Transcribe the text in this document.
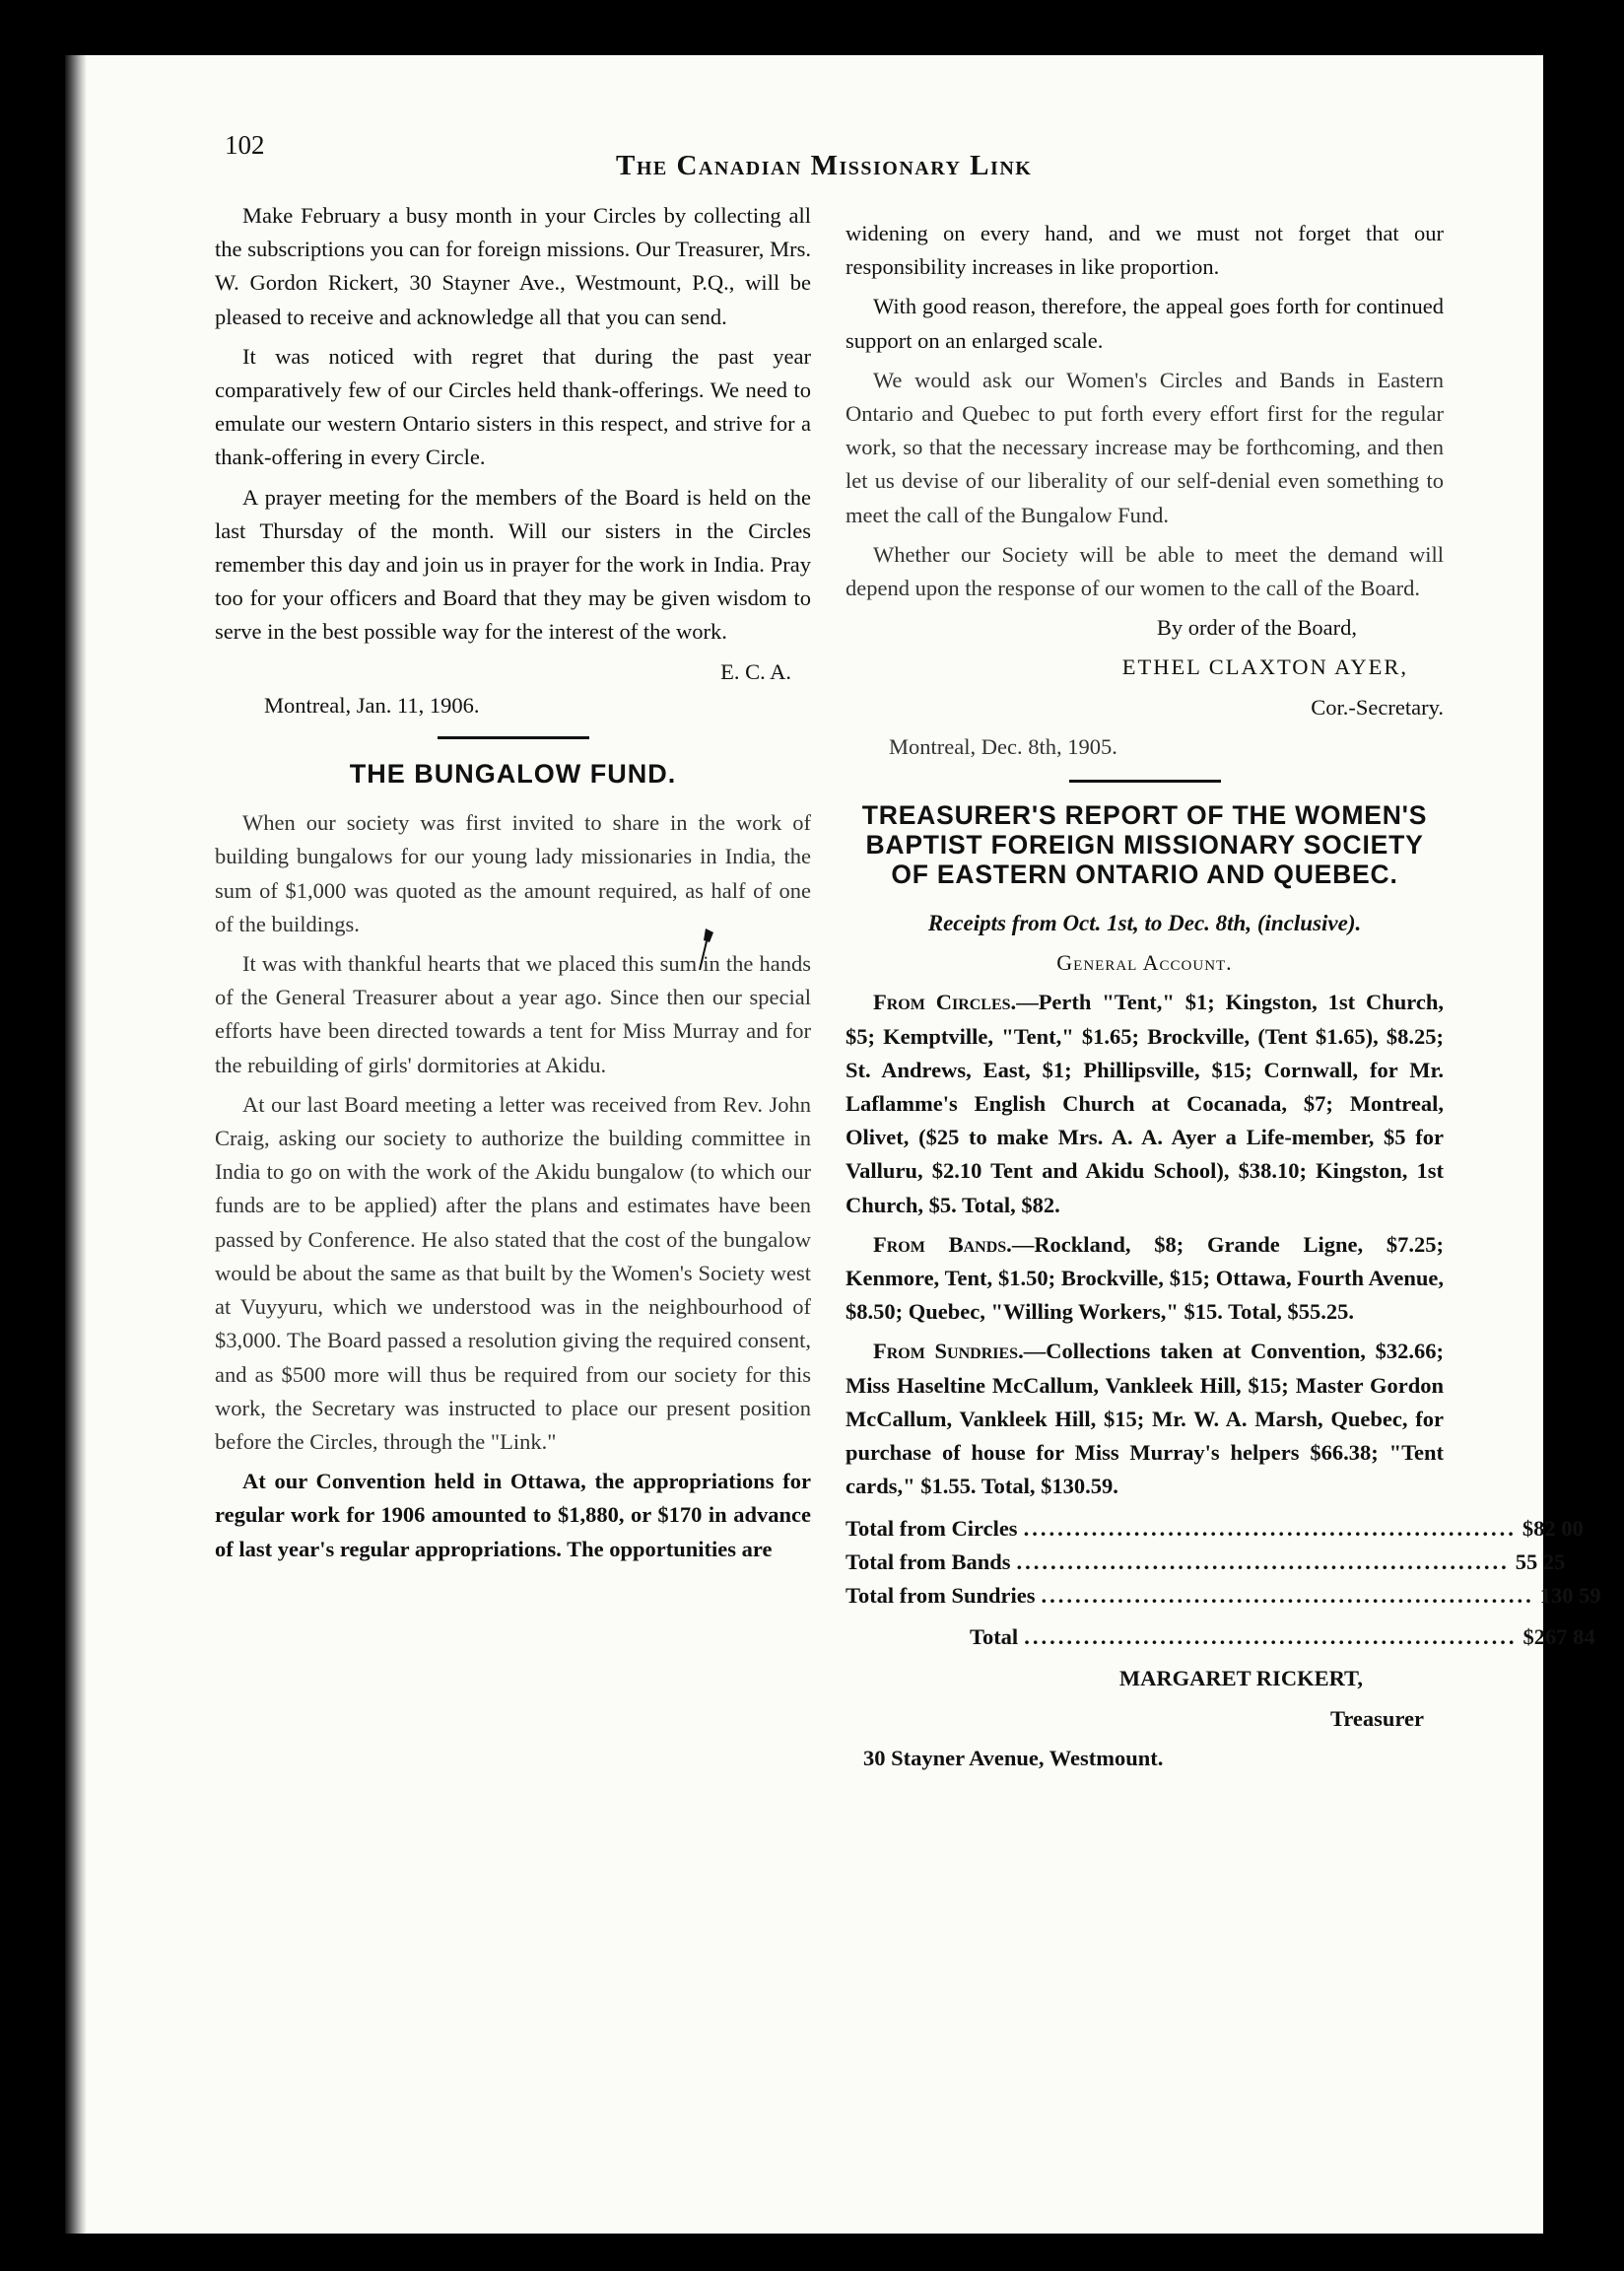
102
The Canadian Missionary Link

Make February a busy month in your Circles by collecting all the subscriptions you can for foreign missions. Our Treasurer, Mrs. W. Gordon Rickert, 30 Stayner Ave., Westmount, P.Q., will be pleased to receive and acknowledge all that you can send.

It was noticed with regret that during the past year comparatively few of our Circles held thank-offerings. We need to emulate our western Ontario sisters in this respect, and strive for a thank-offering in every Circle.

A prayer meeting for the members of the Board is held on the last Thursday of the month. Will our sisters in the Circles remember this day and join us in prayer for the work in India. Pray too for your officers and Board that they may be given wisdom to serve in the best possible way for the interest of the work.

E. C. A.

Montreal, Jan. 11, 1906.

THE BUNGALOW FUND.

When our society was first invited to share in the work of building bungalows for our young lady missionaries in India, the sum of $1,000 was quoted as the amount required, as half of one of the buildings.

It was with thankful hearts that we placed this sum in the hands of the General Treasurer about a year ago. Since then our special efforts have been directed towards a tent for Miss Murray and for the rebuilding of girls' dormitories at Akidu.

At our last Board meeting a letter was received from Rev. John Craig, asking our society to authorize the building committee in India to go on with the work of the Akidu bungalow (to which our funds are to be applied) after the plans and estimates have been passed by Conference. He also stated that the cost of the bungalow would be about the same as that built by the Women's Society west at Vuyyuru, which we understood was in the neighbourhood of $3,000. The Board passed a resolution giving the required consent, and as $500 more will thus be required from our society for this work, the Secretary was instructed to place our present position before the Circles, through the "Link."

At our Convention held in Ottawa, the appropriations for regular work for 1906 amounted to $1,880, or $170 in advance of last year's regular appropriations. The opportunities are

widening on every hand, and we must not forget that our responsibility increases in like proportion.

With good reason, therefore, the appeal goes forth for continued support on an enlarged scale.

We would ask our Women's Circles and Bands in Eastern Ontario and Quebec to put forth every effort first for the regular work, so that the necessary increase may be forthcoming, and then let us devise of our liberality of our self-denial even something to meet the call of the Bungalow Fund.

Whether our Society will be able to meet the demand will depend upon the response of our women to the call of the Board.

By order of the Board,

ETHEL CLAXTON AYER,

Cor.-Secretary.

Montreal, Dec. 8th, 1905.

TREASURER'S REPORT OF THE WOMEN'S BAPTIST FOREIGN MISSIONARY SOCIETY OF EASTERN ONTARIO AND QUEBEC.

Receipts from Oct. 1st, to Dec. 8th, (inclusive).

General Account.

From Circles.—Perth "Tent," $1; Kingston, 1st Church, $5; Kemptville, "Tent," $1.65; Brockville, (Tent $1.65), $8.25; St. Andrews, East, $1; Phillipsville, $15; Cornwall, for Mr. Laflamme's English Church at Cocanada, $7; Montreal, Olivet, ($25 to make Mrs. A. A. Ayer a Life-member, $5 for Valluru, $2.10 Tent and Akidu School), $38.10; Kingston, 1st Church, $5. Total, $82.

From Bands.—Rockland, $8; Grande Ligne, $7.25; Kenmore, Tent, $1.50; Brockville, $15; Ottawa, Fourth Avenue, $8.50; Quebec, "Willing Workers," $15. Total, $55.25.

From Sundries.—Collections taken at Convention, $32.66; Miss Haseltine McCallum, Vankleek Hill, $15; Master Gordon McCallum, Vankleek Hill, $15; Mr. W. A. Marsh, Quebec, for purchase of house for Miss Murray's helpers $66.38; "Tent cards," $1.55. Total, $130.59.

Total from Circles .......................................................... $ 82 00
Total from Bands .......................................................... 55 25
Total from Sundries .......................................................... 130 59
Total .......................................................... $267 84

MARGARET RICKERT,

Treasurer

30 Stayner Avenue, Westmount.
